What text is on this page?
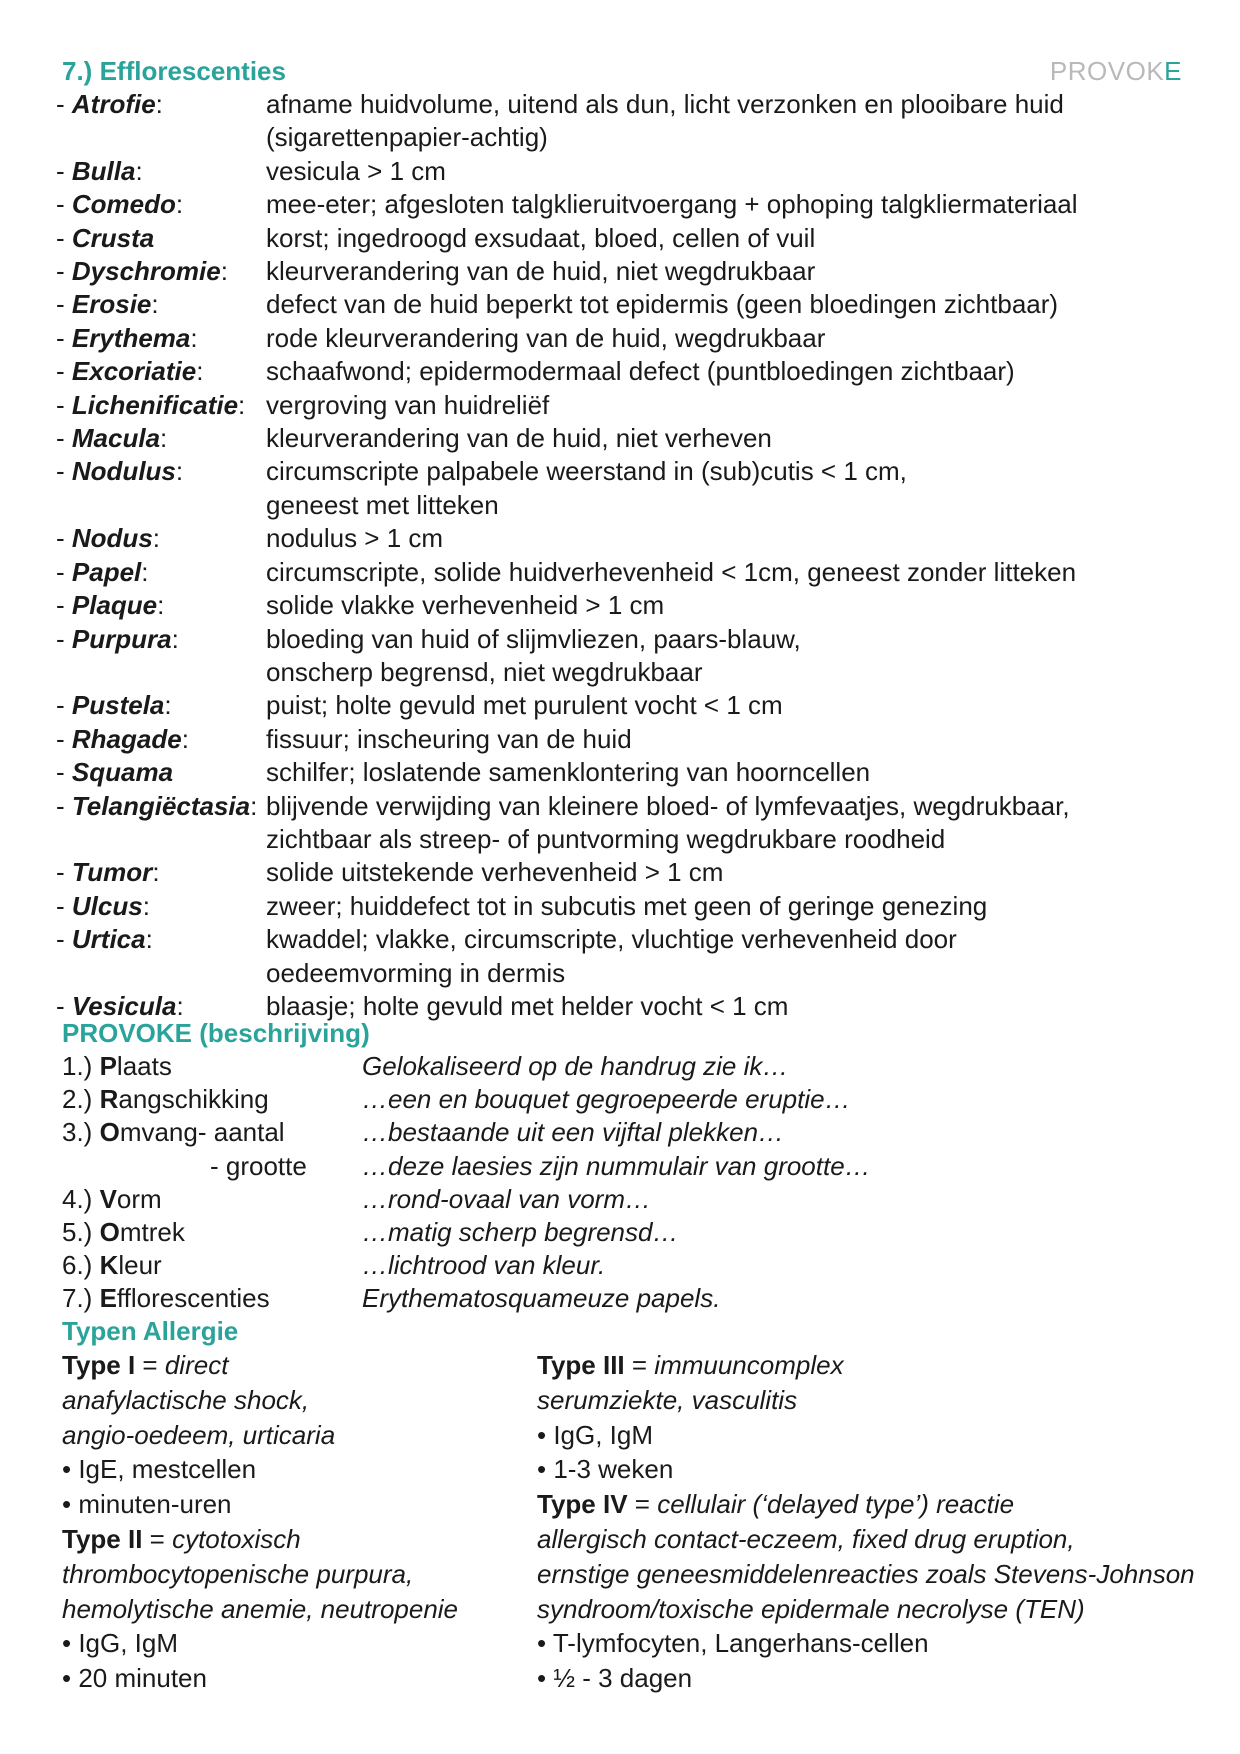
7.) Efflorescenties	PROVOKE
- Atrofie:	afname huidvolume, uitend als dun, licht verzonken en plooibare huid
(sigarettenpapier-achtig)
- Bulla:	vesicula > 1 cm
- Comedo:	mee-eter; afgesloten talgklieruitvoergang + ophoping talgkliermateriaal
- Crusta	korst; ingedroogd exsudaat, bloed, cellen of vuil
- Dyschromie:	kleurverandering van de huid, niet wegdrukbaar
- Erosie:	defect van de huid beperkt tot epidermis (geen bloedingen zichtbaar)
- Erythema:	rode kleurverandering van de huid, wegdrukbaar
- Excoriatie:	schaafwond; epidermodermaal defect (puntbloedingen zichtbaar)
- Lichenificatie: vergroving van huidreliëf
- Macula:	kleurverandering van de huid, niet verheven
- Nodulus:	circumscripte palpabele weerstand in (sub)cutis < 1 cm,
geneest met litteken
- Nodus:	nodulus > 1 cm
- Papel:	circumscripte, solide huidverhevenheid < 1cm, geneest zonder litteken
- Plaque:	solide vlakke verhevenheid > 1 cm
- Purpura:	bloeding van huid of slijmvliezen, paars-blauw,
onscherp begrensd, niet wegdrukbaar
- Pustela:	puist; holte gevuld met purulent vocht < 1 cm
- Rhagade:	fissuur; inscheuring van de huid
- Squama	schilfer; loslatende samenklontering van hoorncellen
- Telangiëctasia: blijvende verwijding van kleinere bloed- of lymfevaatjes, wegdrukbaar,
zichtbaar als streep- of puntvorming wegdrukbare roodheid
- Tumor:	solide uitstekende verhevenheid > 1 cm
- Ulcus:	zweer; huiddefect tot in subcutis met geen of geringe genezing
- Urtica:	kwaddel; vlakke, circumscripte, vluchtige verhevenheid door
oedeemvorming in dermis
- Vesicula:	blaasje; holte gevuld met helder vocht < 1 cm
PROVOKE (beschrijving)
1.) Plaats	Gelokaliseerd op de handrug zie ik…
2.) Rangschikking	…een en bouquet gegroepeerde eruptie…
3.) Omvang- aantal	…bestaande uit een vijftal plekken…
- grootte	…deze laesies zijn nummulair van grootte…
4.) Vorm	…rond-ovaal van vorm…
5.) Omtrek	…matig scherp begrensd…
6.) Kleur	…lichtrood van kleur.
7.) Efflorescenties	Erythematosquameuze papels.
Typen Allergie
Type I = direct
anafylactische shock,
angio-oedeem, urticaria
• IgE, mestcellen
• minuten-uren
Type II = cytotoxisch
thrombocytopenische purpura,
hemolytische anemie, neutropenie
• IgG, IgM
• 20 minuten
Type III = immuuncomplex
serumziekte, vasculitis
• IgG, IgM
• 1-3 weken
Type IV = cellulair (‘delayed type’) reactie
allergisch contact-eczeem, fixed drug eruption,
ernstige geneesmiddelenreacties zoals Stevens-Johnson
syndroom/toxische epidermale necrolyse (TEN)
• T-lymfocyten, Langerhans-cellen
• ½ - 3 dagen
